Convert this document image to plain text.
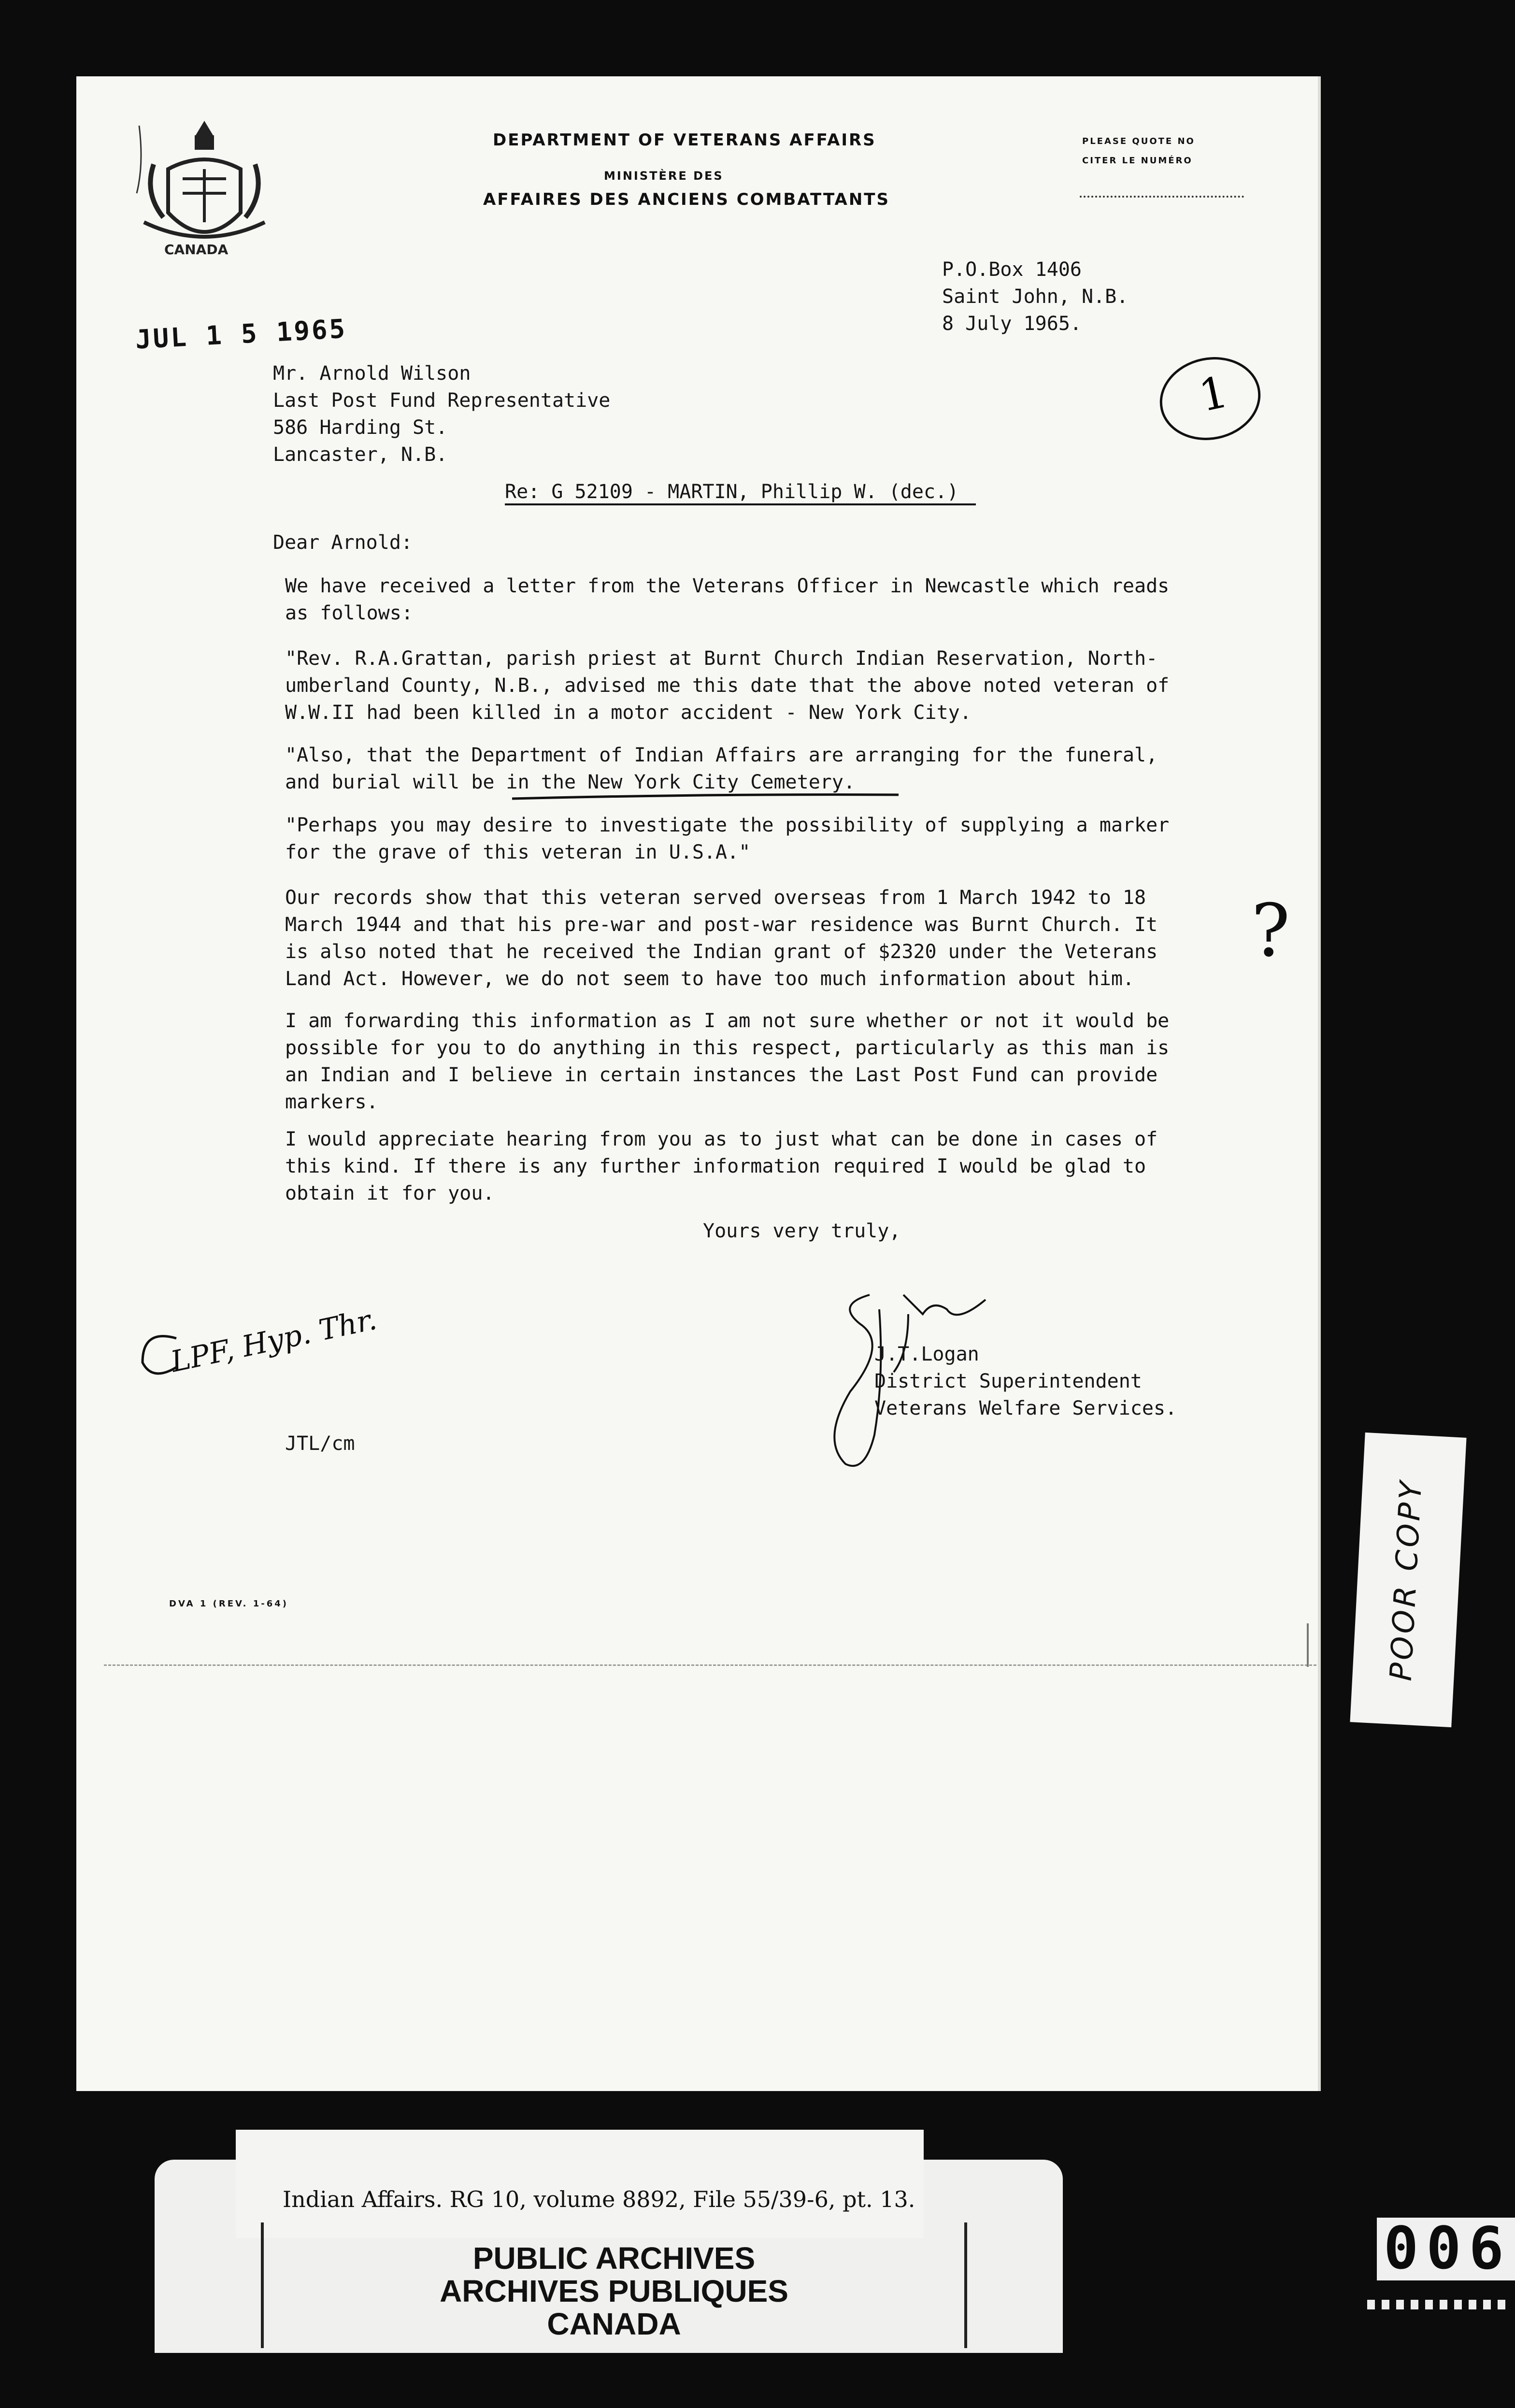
CANADA
DEPARTMENT OF VETERANS AFFAIRS
MINISTÈRE DES
AFFAIRES DES ANCIENS COMBATTANTS
PLEASE QUOTE NO
CITER LE NUMÉRO
P.O.Box 1406
Saint John, N.B.
8 July 1965.
JUL 1 5 1965
1
Mr. Arnold Wilson
Last Post Fund Representative
586 Harding St.
Lancaster, N.B.
Re: G 52109 - MARTIN, Phillip W. (dec.)
Dear Arnold:
We have received a letter from the Veterans Officer in Newcastle which reads
as follows:
"Rev. R.A.Grattan, parish priest at Burnt Church Indian Reservation, North-
umberland County, N.B., advised me this date that the above noted veteran of
W.W.II had been killed in a motor accident - New York City.
"Also, that the Department of Indian Affairs are arranging for the funeral,
and burial will be in the New York City Cemetery.
"Perhaps you may desire to investigate the possibility of supplying a marker
for the grave of this veteran in U.S.A."
Our records show that this veteran served overseas from 1 March 1942 to 18
March 1944 and that his pre-war and post-war residence was Burnt Church. It
is also noted that he received the Indian grant of $2320 under the Veterans
Land Act. However, we do not seem to have too much information about him.
I am forwarding this information as I am not sure whether or not it would be
possible for you to do anything in this respect, particularly as this man is
an Indian and I believe in certain instances the Last Post Fund can provide
markers.
I would appreciate hearing from you as to just what can be done in cases of
this kind. If there is any further information required I would be glad to
obtain it for you.
?
Yours very truly,
J.T.Logan
District Superintendent
Veterans Welfare Services.
LPF, Hyp. Thr.
JTL/cm
DVA 1 (REV. 1-64)	POOR COPY
Indian Affairs. RG 10, volume 8892, File 55/39-6, pt. 13.
PUBLIC ARCHIVES
ARCHIVES PUBLIQUES
CANADA
006
